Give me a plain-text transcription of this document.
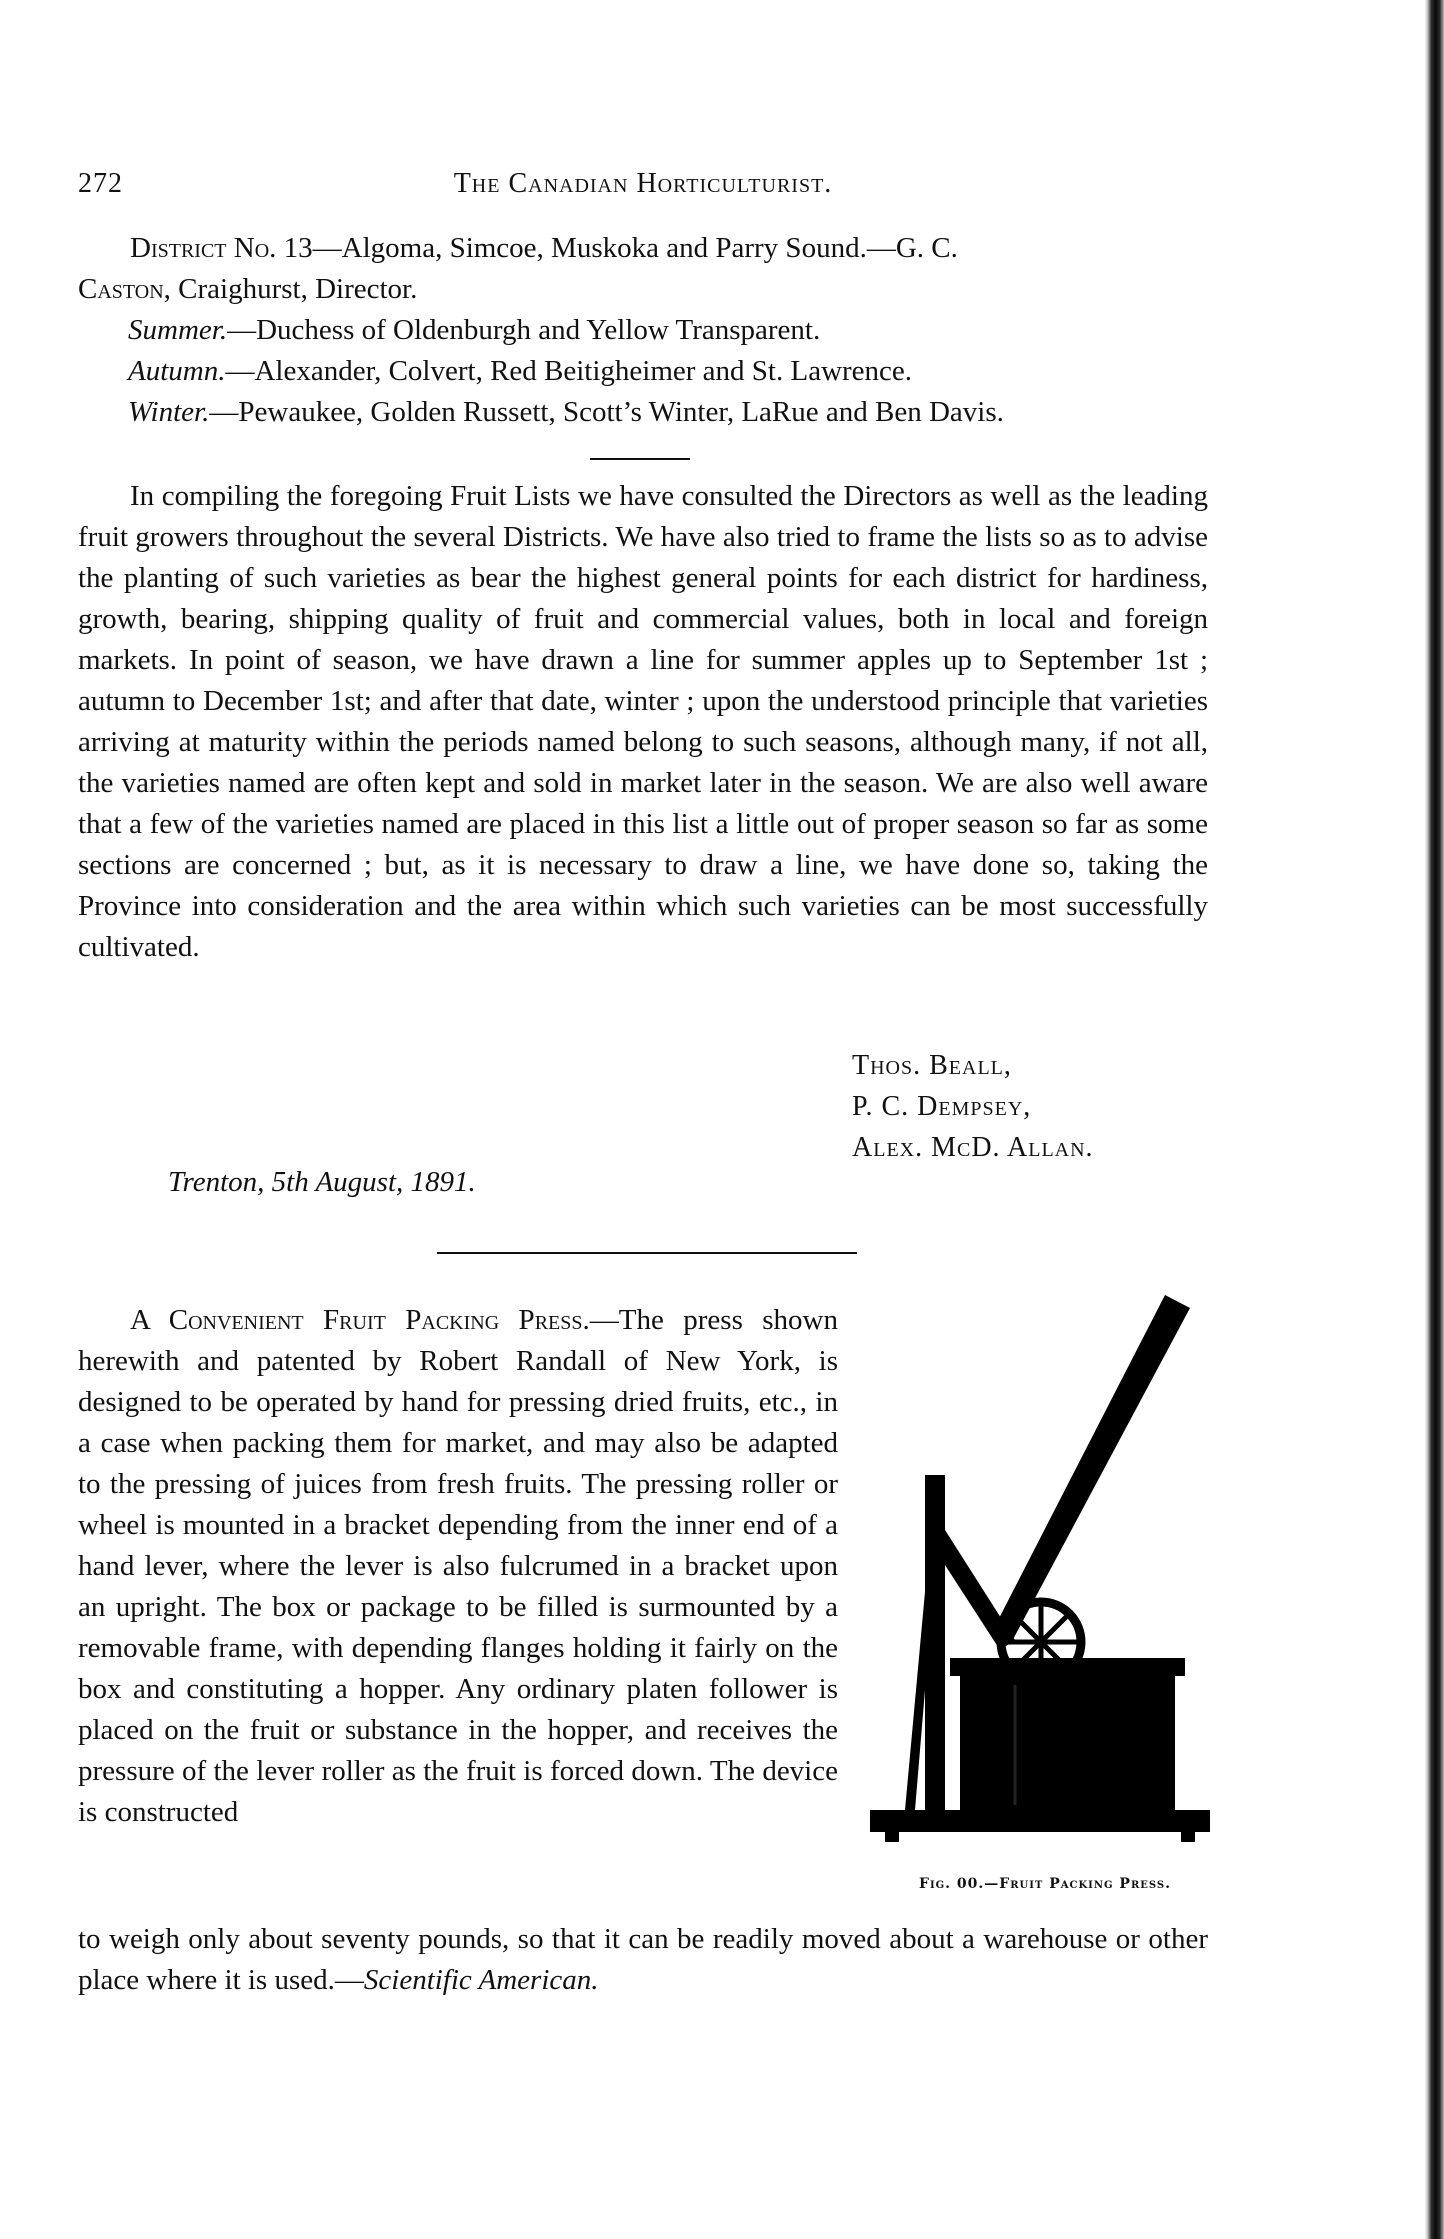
272	The Canadian Horticulturist.

District No. 13—Algoma, Simcoe, Muskoka and Parry Sound.—G. C.

Caston, Craighurst, Director.

Summer.—Duchess of Oldenburgh and Yellow Transparent.

Autumn.—Alexander, Colvert, Red Beitigheimer and St. Lawrence.

Winter.—Pewaukee, Golden Russett, Scott’s Winter, LaRue and Ben Davis.

In compiling the foregoing Fruit Lists we have consulted the Directors as well as the leading fruit growers throughout the several Districts. We have also tried to frame the lists so as to advise the planting of such varieties as bear the highest general points for each district for hardiness, growth, bearing, shipping quality of fruit and commercial values, both in local and foreign markets. In point of season, we have drawn a line for summer apples up to September 1st ; autumn to December 1st; and after that date, winter ; upon the understood principle that varieties arriving at maturity within the periods named belong to such seasons, although many, if not all, the varieties named are often kept and sold in market later in the season. We are also well aware that a few of the varieties named are placed in this list a little out of proper season so far as some sections are concerned ; but, as it is necessary to draw a line, we have done so, taking the Province into consideration and the area within which such varieties can be most successfully cultivated.

Thos. Beall,
P. C. Dempsey,
Alex. McD. Allan.
Trenton, 5th August, 1891.

A Convenient Fruit Packing Press.—The press shown herewith and patented by Robert Randall of New York, is designed to be operated by hand for pressing dried fruits, etc., in a case when packing them for market, and may also be adapted to the pressing of juices from fresh fruits. The pressing roller or wheel is mounted in a bracket depending from the inner end of a hand lever, where the lever is also fulcrumed in a bracket upon an upright. The box or package to be filled is surmounted by a removable frame, with depending flanges holding it fairly on the box and constituting a hopper. Any ordinary platen follower is placed on the fruit or substance in the hopper, and receives the pressure of the lever roller as the fruit is forced down. The device is constructed

to weigh only about seventy pounds, so that it can be readily moved about a warehouse or other place where it is used.—Scientific American.

Fig. 00.—Fruit Packing Press.
